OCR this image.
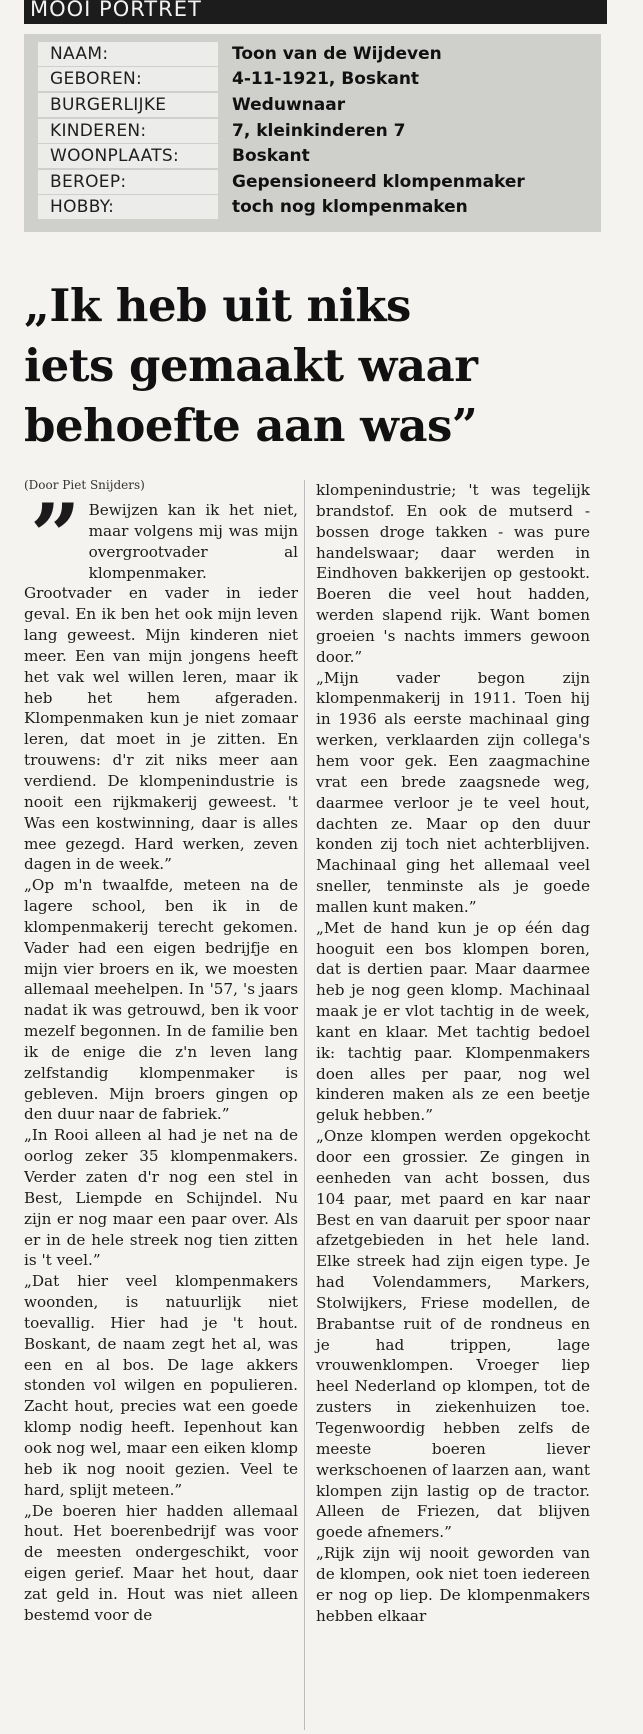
MOOI PORTRET
NAAM:	Toon van de Wijdeven
GEBOREN:	4-11-1921, Boskant
BURGERLIJKE	Weduwnaar
KINDEREN:	7, kleinkinderen 7
WOONPLAATS:	Boskant
BEROEP:	Gepensioneerd klompenmaker
HOBBY:	toch nog klompenmaken
„Ik heb uit niks
iets gemaakt waar
behoefte aan was”
(Door Piet Snijders)

” Bewijzen kan ik het niet, maar volgens mij was mijn overgrootvader al klompenmaker. Grootvader en vader in ieder geval. En ik ben het ook mijn leven lang geweest. Mijn kinderen niet meer. Een van mijn jongens heeft het vak wel willen leren, maar ik heb het hem afgeraden. Klompenmaken kun je niet zomaar leren, dat moet in je zitten. En trouwens: d'r zit niks meer aan verdiend. De klompenindustrie is nooit een rijkmakerij geweest. 't Was een kostwinning, daar is alles mee gezegd. Hard werken, zeven dagen in de week.”

„Op m'n twaalfde, meteen na de lagere school, ben ik in de klompenmakerij terecht gekomen. Vader had een eigen bedrijfje en mijn vier broers en ik, we moesten allemaal meehelpen. In '57, 's jaars nadat ik was getrouwd, ben ik voor mezelf begonnen. In de familie ben ik de enige die z'n leven lang zelfstandig klompenmaker is gebleven. Mijn broers gingen op den duur naar de fabriek.”

„In Rooi alleen al had je net na de oorlog zeker 35 klompenmakers. Verder zaten d'r nog een stel in Best, Liempde en Schijndel. Nu zijn er nog maar een paar over. Als er in de hele streek nog tien zitten is 't veel.”

„Dat hier veel klompenmakers woonden, is natuurlijk niet toevallig. Hier had je 't hout. Boskant, de naam zegt het al, was een en al bos. De lage akkers stonden vol wilgen en populieren. Zacht hout, precies wat een goede klomp nodig heeft. Iepenhout kan ook nog wel, maar een eiken klomp heb ik nog nooit gezien. Veel te hard, splijt meteen.”

„De boeren hier hadden allemaal hout. Het boerenbedrijf was voor de meesten ondergeschikt, voor eigen gerief. Maar het hout, daar zat geld in. Hout was niet alleen bestemd voor de

klompenindustrie; 't was tegelijk brandstof. En ook de mutserd - bossen droge takken - was pure handelswaar; daar werden in Eindhoven bakkerijen op gestookt. Boeren die veel hout hadden, werden slapend rijk. Want bomen groeien 's nachts immers gewoon door.”

„Mijn vader begon zijn klompenmakerij in 1911. Toen hij in 1936 als eerste machinaal ging werken, verklaarden zijn collega's hem voor gek. Een zaagmachine vrat een brede zaagsnede weg, daarmee verloor je te veel hout, dachten ze. Maar op den duur konden zij toch niet achterblijven. Machinaal ging het allemaal veel sneller, tenminste als je goede mallen kunt maken.”

„Met de hand kun je op één dag hooguit een bos klompen boren, dat is dertien paar. Maar daarmee heb je nog geen klomp. Machinaal maak je er vlot tachtig in de week, kant en klaar. Met tachtig bedoel ik: tachtig paar. Klompenmakers doen alles per paar, nog wel kinderen maken als ze een beetje geluk hebben.”

„Onze klompen werden opgekocht door een grossier. Ze gingen in eenheden van acht bossen, dus 104 paar, met paard en kar naar Best en van daaruit per spoor naar afzetgebieden in het hele land. Elke streek had zijn eigen type. Je had Volendammers, Markers, Stolwijkers, Friese modellen, de Brabantse ruit of de rondneus en je had trippen, lage vrouwenklompen. Vroeger liep heel Nederland op klompen, tot de zusters in ziekenhuizen toe. Tegenwoordig hebben zelfs de meeste boeren liever werkschoenen of laarzen aan, want klompen zijn lastig op de tractor. Alleen de Friezen, dat blijven goede afnemers.”

„Rijk zijn wij nooit geworden van de klompen, ook niet toen iedereen er nog op liep. De klompenmakers hebben elkaar
